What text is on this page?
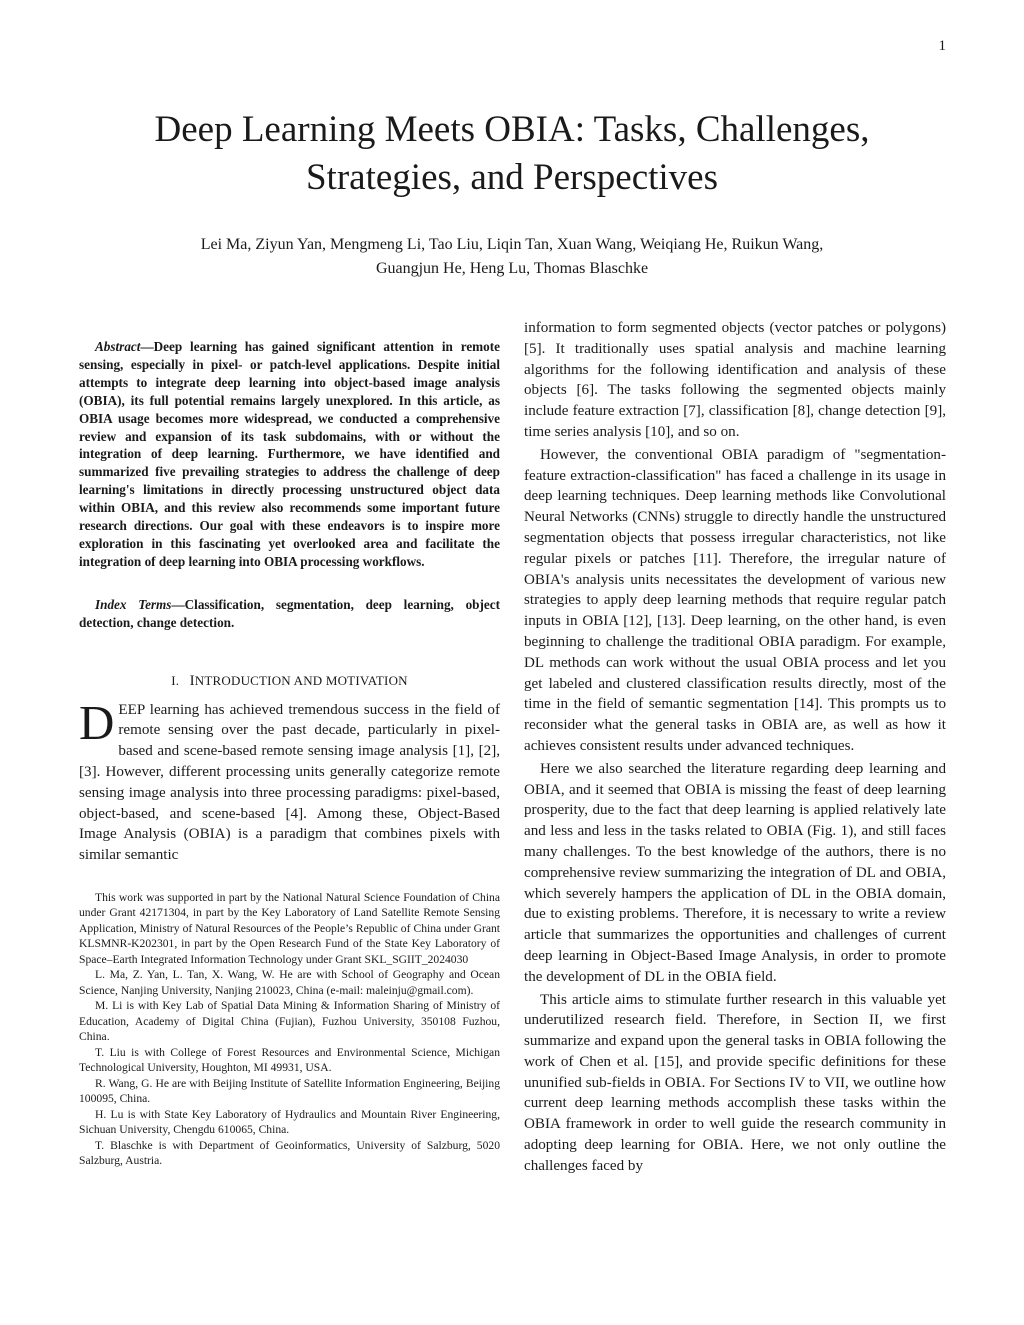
1
Deep Learning Meets OBIA: Tasks, Challenges,
Strategies, and Perspectives

Lei Ma, Ziyun Yan, Mengmeng Li, Tao Liu, Liqin Tan, Xuan Wang, Weiqiang He, Ruikun Wang,
Guangjun He, Heng Lu, Thomas Blaschke

Abstract—Deep learning has gained significant attention in remote sensing, especially in pixel- or patch-level applications. Despite initial attempts to integrate deep learning into object-based image analysis (OBIA), its full potential remains largely unexplored. In this article, as OBIA usage becomes more widespread, we conducted a comprehensive review and expansion of its task subdomains, with or without the integration of deep learning. Furthermore, we have identified and summarized five prevailing strategies to address the challenge of deep learning's limitations in directly processing unstructured object data within OBIA, and this review also recommends some important future research directions. Our goal with these endeavors is to inspire more exploration in this fascinating yet overlooked area and facilitate the integration of deep learning into OBIA processing workflows.

Index Terms—Classification, segmentation, deep learning, object detection, change detection.

I. INTRODUCTION AND MOTIVATION

DEEP learning has achieved tremendous success in the field of remote sensing over the past decade, particularly in pixel-based and scene-based remote sensing image analysis [1], [2], [3]. However, different processing units generally categorize remote sensing image analysis into three processing paradigms: pixel-based, object-based, and scene-based [4]. Among these, Object-Based Image Analysis (OBIA) is a paradigm that combines pixels with similar semantic

This work was supported in part by the National Natural Science Foundation of China under Grant 42171304, in part by the Key Laboratory of Land Satellite Remote Sensing Application, Ministry of Natural Resources of the People’s Republic of China under Grant KLSMNR-K202301, in part by the Open Research Fund of the State Key Laboratory of Space–Earth Integrated Information Technology under Grant SKL_SGIIT_2024030

L. Ma, Z. Yan, L. Tan, X. Wang, W. He are with School of Geography and Ocean Science, Nanjing University, Nanjing 210023, China (e-mail: maleinju@gmail.com).

M. Li is with Key Lab of Spatial Data Mining & Information Sharing of Ministry of Education, Academy of Digital China (Fujian), Fuzhou University, 350108 Fuzhou, China.

T. Liu is with College of Forest Resources and Environmental Science, Michigan Technological University, Houghton, MI 49931, USA.

R. Wang, G. He are with Beijing Institute of Satellite Information Engineering, Beijing 100095, China.

H. Lu is with State Key Laboratory of Hydraulics and Mountain River Engineering, Sichuan University, Chengdu 610065, China.

T. Blaschke is with Department of Geoinformatics, University of Salzburg, 5020 Salzburg, Austria.

information to form segmented objects (vector patches or polygons) [5]. It traditionally uses spatial analysis and machine learning algorithms for the following identification and analysis of these objects [6]. The tasks following the segmented objects mainly include feature extraction [7], classification [8], change detection [9], time series analysis [10], and so on.

However, the conventional OBIA paradigm of "segmentation-feature extraction-classification" has faced a challenge in its usage in deep learning techniques. Deep learning methods like Convolutional Neural Networks (CNNs) struggle to directly handle the unstructured segmentation objects that possess irregular characteristics, not like regular pixels or patches [11]. Therefore, the irregular nature of OBIA's analysis units necessitates the development of various new strategies to apply deep learning methods that require regular patch inputs in OBIA [12], [13]. Deep learning, on the other hand, is even beginning to challenge the traditional OBIA paradigm. For example, DL methods can work without the usual OBIA process and let you get labeled and clustered classification results directly, most of the time in the field of semantic segmentation [14]. This prompts us to reconsider what the general tasks in OBIA are, as well as how it achieves consistent results under advanced techniques.

Here we also searched the literature regarding deep learning and OBIA, and it seemed that OBIA is missing the feast of deep learning prosperity, due to the fact that deep learning is applied relatively late and less and less in the tasks related to OBIA (Fig. 1), and still faces many challenges. To the best knowledge of the authors, there is no comprehensive review summarizing the integration of DL and OBIA, which severely hampers the application of DL in the OBIA domain, due to existing problems. Therefore, it is necessary to write a review article that summarizes the opportunities and challenges of current deep learning in Object-Based Image Analysis, in order to promote the development of DL in the OBIA field.

This article aims to stimulate further research in this valuable yet underutilized research field. Therefore, in Section II, we first summarize and expand upon the general tasks in OBIA following the work of Chen et al. [15], and provide specific definitions for these ununified sub-fields in OBIA. For Sections IV to VII, we outline how current deep learning methods accomplish these tasks within the OBIA framework in order to well guide the research community in adopting deep learning for OBIA. Here, we not only outline the challenges faced by
